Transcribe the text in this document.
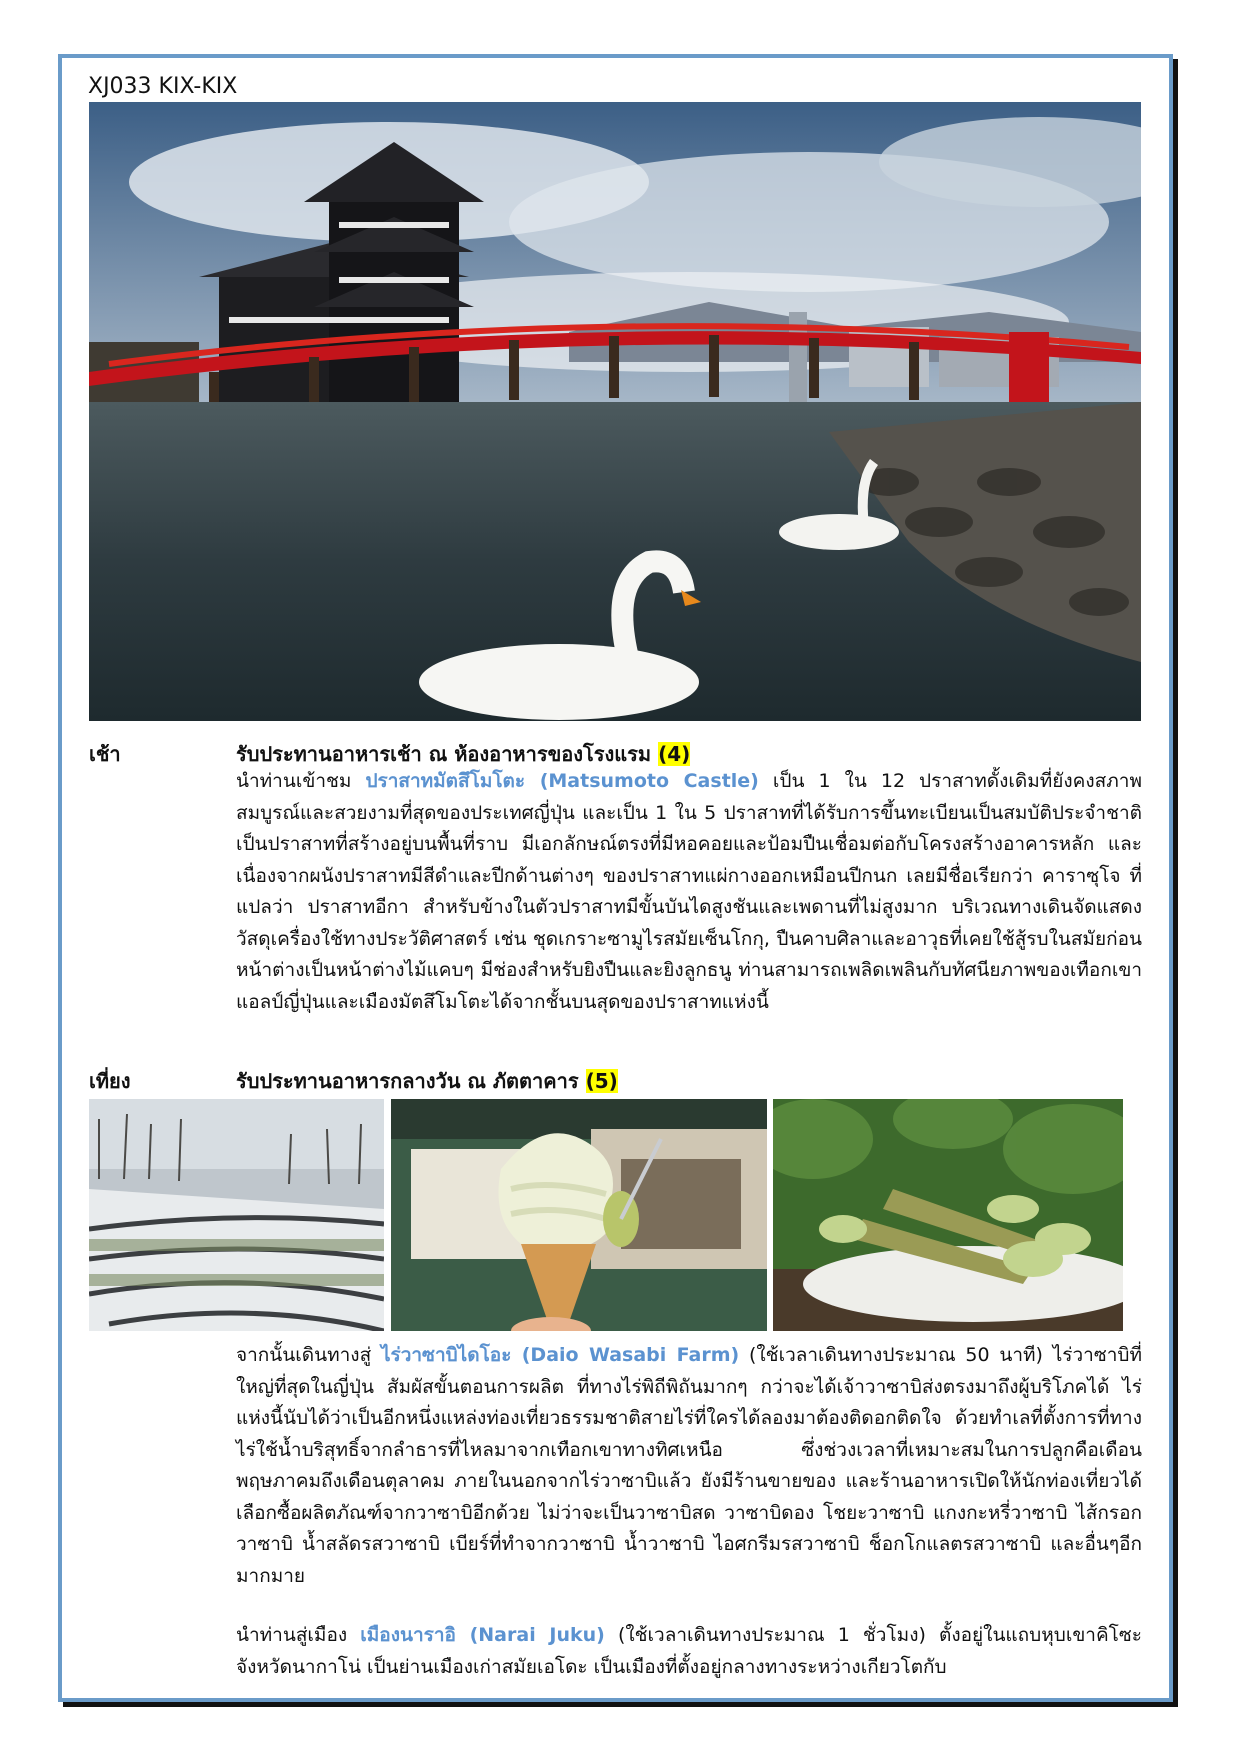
XJ033 KIX-KIX
เช้า	รับประทานอาหารเช้า ณ ห้องอาหารของโรงแรม (4)
นำท่านเข้าชม ปราสาทมัตสึโมโตะ (Matsumoto Castle) เป็น 1 ใน 12 ปราสาทดั้งเดิมที่ยังคงสภาพสมบูรณ์และสวยงามที่สุดของประเทศญี่ปุ่น และเป็น 1 ใน 5 ปราสาทที่ได้รับการขึ้นทะเบียนเป็นสมบัติประจำชาติ เป็นปราสาทที่สร้างอยู่บนพื้นที่ราบ มีเอกลักษณ์ตรงที่มีหอคอยและป้อมปืนเชื่อมต่อกับโครงสร้างอาคารหลัก และเนื่องจากผนังปราสาทมีสีดำและปีกด้านต่างๆ ของปราสาทแผ่กางออกเหมือนปีกนก เลยมีชื่อเรียกว่า คาราซุโจ ที่แปลว่า ปราสาทอีกา สำหรับข้างในตัวปราสาทมีขั้นบันไดสูงชันและเพดานที่ไม่สูงมาก บริเวณทางเดินจัดแสดงวัสดุเครื่องใช้ทางประวัติศาสตร์ เช่น ชุดเกราะซามูไรสมัยเซ็นโกกุ, ปืนคาบศิลาและอาวุธที่เคยใช้สู้รบในสมัยก่อน หน้าต่างเป็นหน้าต่างไม้แคบๆ มีช่องสำหรับยิงปืนและยิงลูกธนู ท่านสามารถเพลิดเพลินกับทัศนียภาพของเทือกเขาแอลป์ญี่ปุ่นและเมืองมัตสึโมโตะได้จากชั้นบนสุดของปราสาทแห่งนี้
เที่ยง	รับประทานอาหารกลางวัน ณ ภัตตาคาร (5)
จากนั้นเดินทางสู่ ไร่วาซาบิไดโอะ (Daio Wasabi Farm) (ใช้เวลาเดินทางประมาณ 50 นาที) ไร่วาซาบิที่ใหญ่ที่สุดในญี่ปุ่น สัมผัสขั้นตอนการผลิต ที่ทางไร่พิถีพิถันมากๆ กว่าจะได้เจ้าวาซาบิส่งตรงมาถึงผู้บริโภคได้ ไร่แห่งนี้นับได้ว่าเป็นอีกหนึ่งแหล่งท่องเที่ยวธรรมชาติสายไร่ที่ใครได้ลองมาต้องติดอกติดใจ ด้วยทำเลที่ตั้งการที่ทางไร่ใช้น้ำบริสุทธิ์จากลำธารที่ไหลมาจากเทือกเขาทางทิศเหนือ ซึ่งช่วงเวลาที่เหมาะสมในการปลูกคือเดือนพฤษภาคมถึงเดือนตุลาคม ภายในนอกจากไร่วาซาบิแล้ว ยังมีร้านขายของ และร้านอาหารเปิดให้นักท่องเที่ยวได้เลือกซื้อผลิตภัณฑ์จากวาซาบิอีกด้วย ไม่ว่าจะเป็นวาซาบิสด วาซาบิดอง โชยะวาซาบิ แกงกะหรี่วาซาบิ ไส้กรอกวาซาบิ น้ำสลัดรสวาซาบิ เบียร์ที่ทำจากวาซาบิ น้ำวาซาบิ ไอศกรีมรสวาซาบิ ช็อกโกแลตรสวาซาบิ และอื่นๆอีกมากมาย
นำท่านสู่เมือง เมืองนาราอิ (Narai Juku) (ใช้เวลาเดินทางประมาณ 1 ชั่วโมง) ตั้งอยู่ในแถบหุบเขาคิโซะ จังหวัดนากาโน่ เป็นย่านเมืองเก่าสมัยเอโดะ เป็นเมืองที่ตั้งอยู่กลางทางระหว่างเกียวโตกับ
